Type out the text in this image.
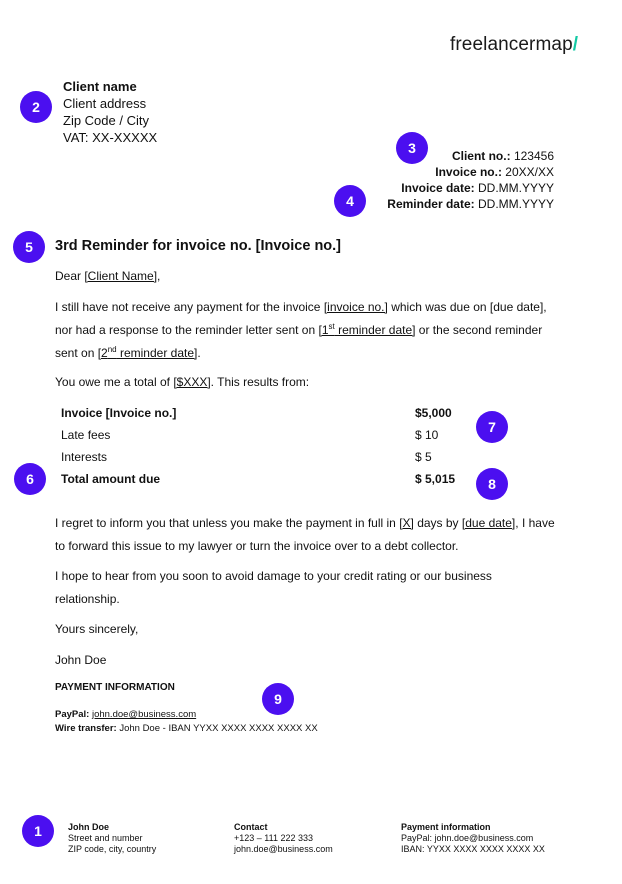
freelancermap/
2
3
4
5
6
7
8
9
1
Client name
Client address
Zip Code / City
VAT: XX-XXXXX
Client no.: 123456
Invoice no.: 20XX/XX
Invoice date: DD.MM.YYYY
Reminder date: DD.MM.YYYY
3rd Reminder for invoice no. [Invoice no.]
Dear [Client Name],
I still have not receive any payment for the invoice [invoice no.] which was due on [due date], nor had a response to the reminder letter sent on [1st reminder date] or the second reminder sent on [2nd reminder date].
You owe me a total of [$XXX]. This results from:
Invoice [Invoice no.]	$5,000
Late fees	$ 10
Interests	$ 5
Total amount due	$ 5,015
I regret to inform you that unless you make the payment in full in [X] days by [due date], I have to forward this issue to my lawyer or turn the invoice over to a debt collector.
I hope to hear from you soon to avoid damage to your credit rating or our business relationship.
Yours sincerely,
John Doe
PAYMENT INFORMATION
PayPal: john.doe@business.com
Wire transfer: John Doe - IBAN YYXX XXXX XXXX XXXX XX
John Doe
Street and number
ZIP code, city, country
Contact
+123 – 111 222 333
john.doe@business.com
Payment information
PayPal: john.doe@business.com
IBAN: YYXX XXXX XXXX XXXX XX
